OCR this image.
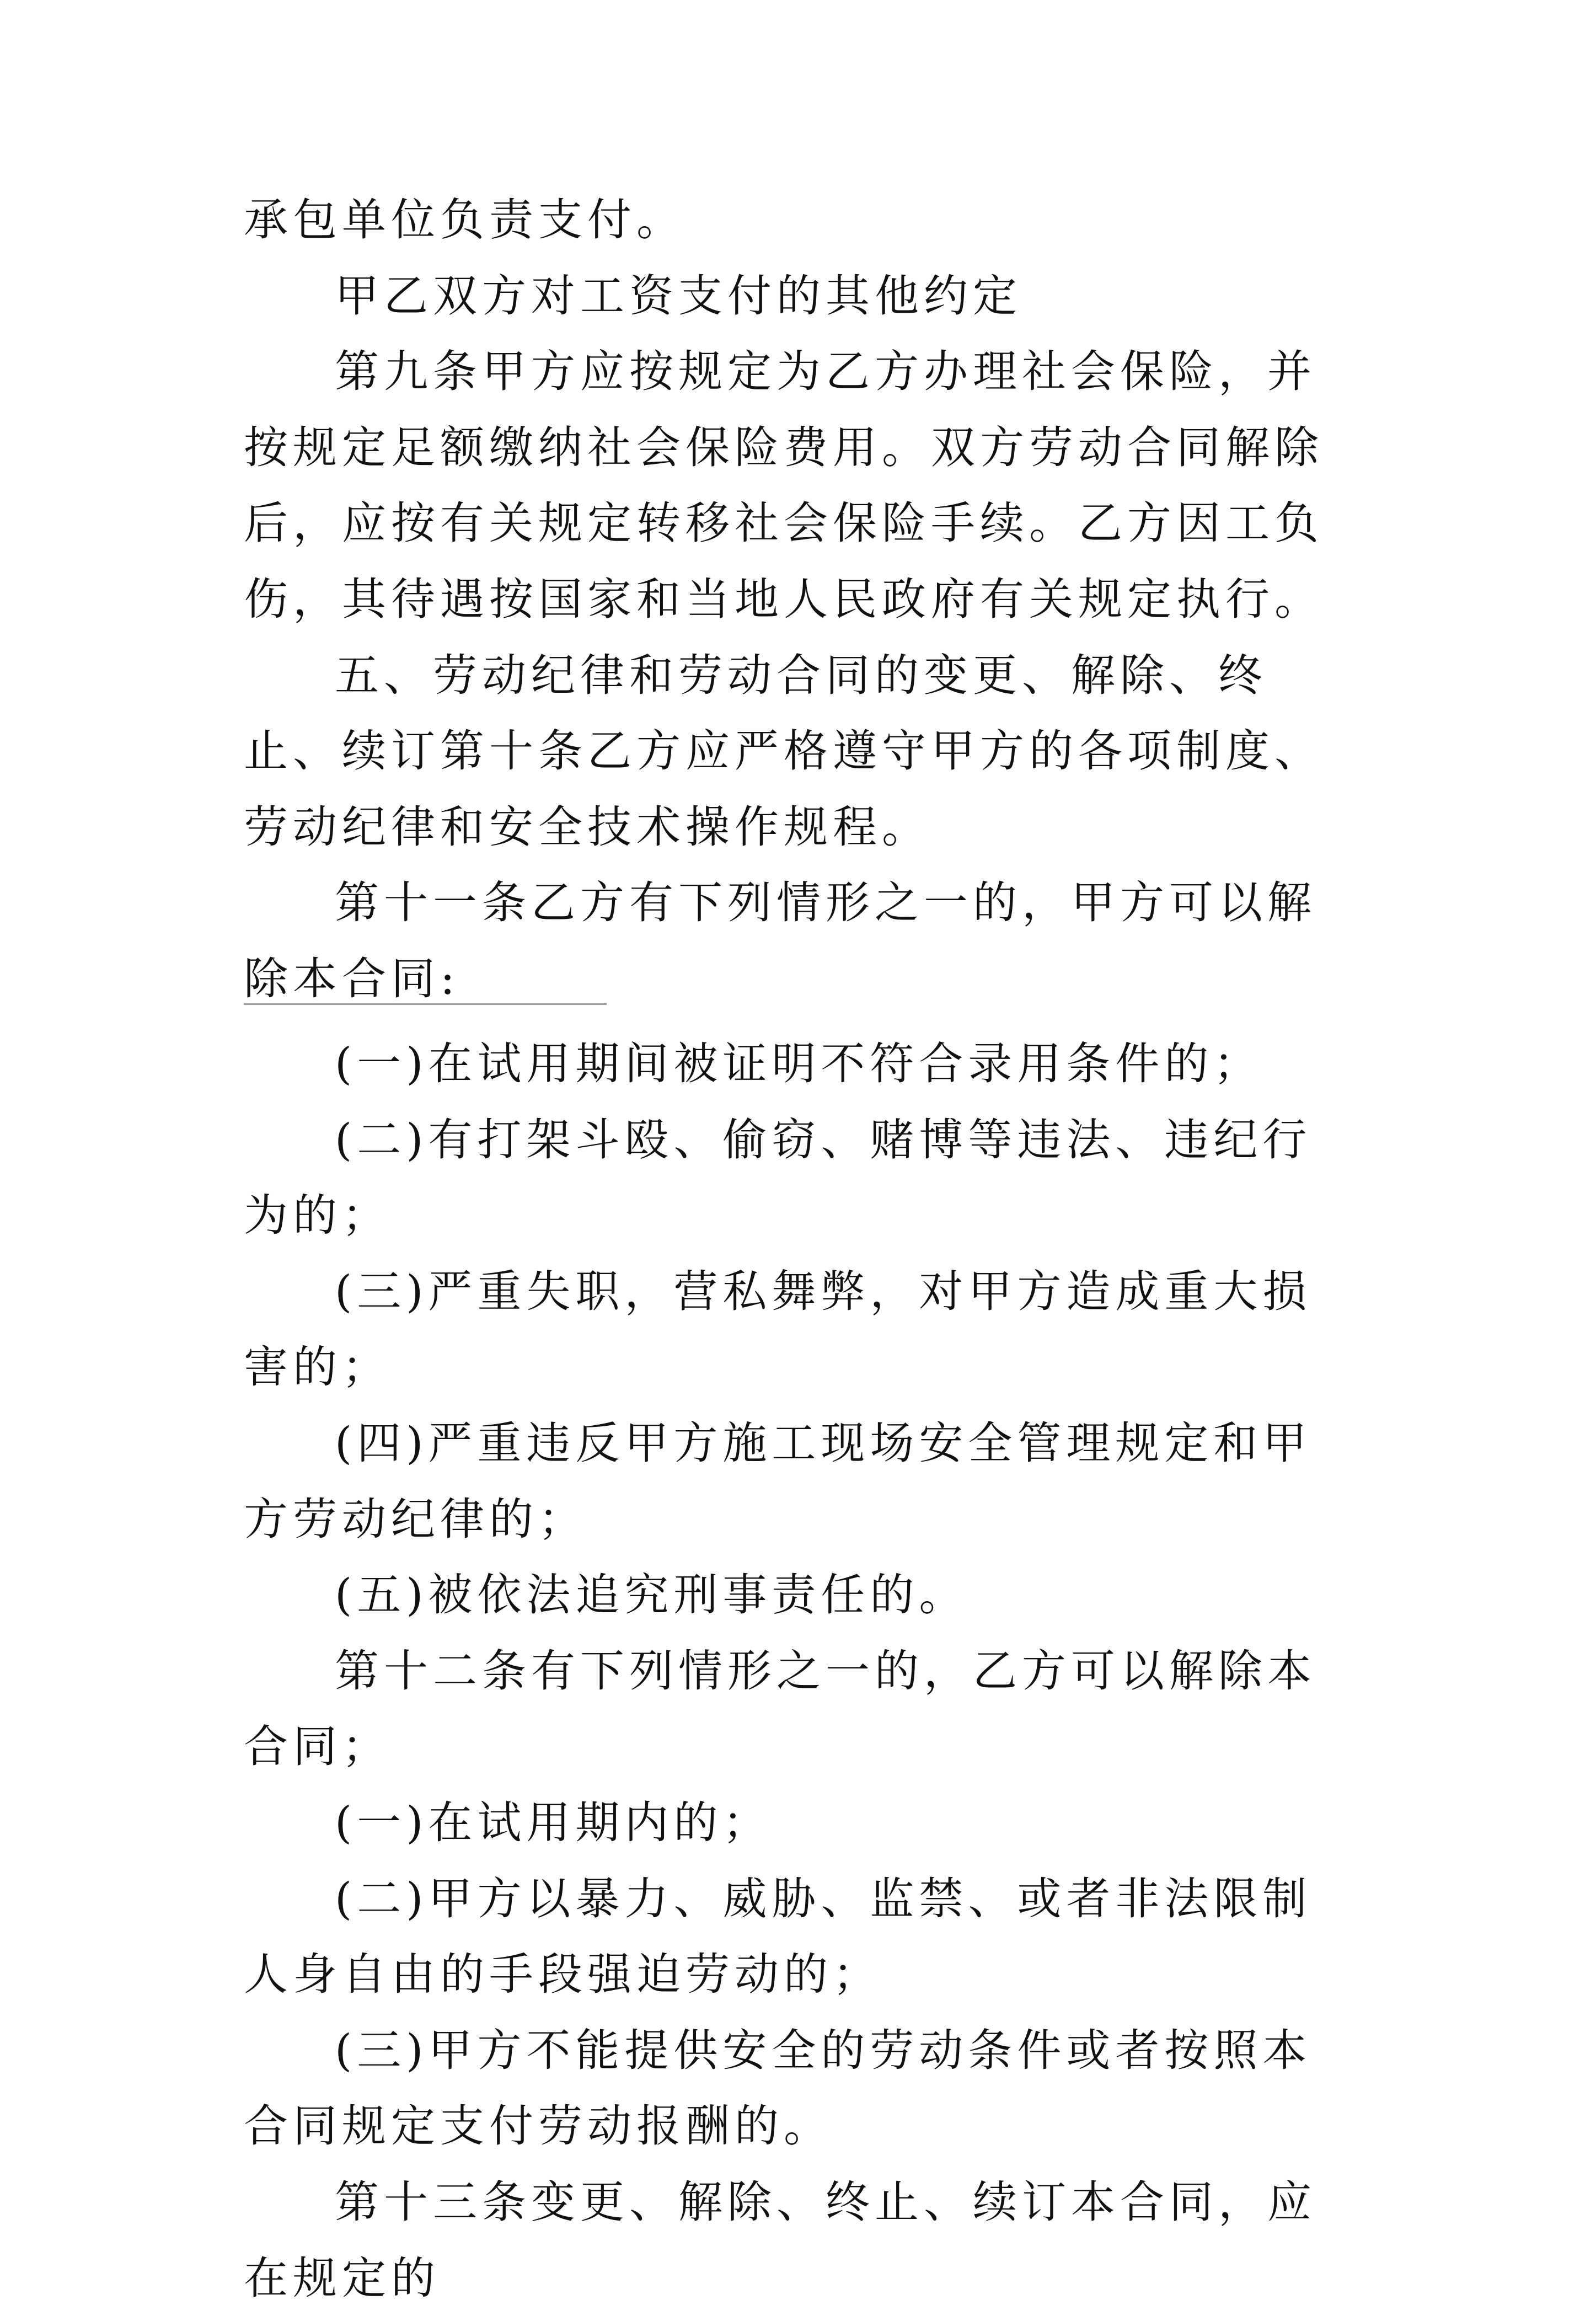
承包单位负责支付。

甲乙双方对工资支付的其他约定

第九条甲方应按规定为乙方办理社会保险，并按规定足额缴纳社会保险费用。双方劳动合同解除后，应按有关规定转移社会保险手续。乙方因工负伤，其待遇按国家和当地人民政府有关规定执行。

五、劳动纪律和劳动合同的变更、解除、终止、续订第十条乙方应严格遵守甲方的各项制度、劳动纪律和安全技术操作规程。

第十一条乙方有下列情形之一的，甲方可以解除本合同:

(一)在试用期间被证明不符合录用条件的；

(二)有打架斗殴、偷窃、赌博等违法、违纪行为的；

(三)严重失职，营私舞弊，对甲方造成重大损害的；

(四)严重违反甲方施工现场安全管理规定和甲方劳动纪律的；

(五)被依法追究刑事责任的。

第十二条有下列情形之一的，乙方可以解除本合同；

(一)在试用期内的；

(二)甲方以暴力、威胁、监禁、或者非法限制人身自由的手段强迫劳动的；

(三)甲方不能提供安全的劳动条件或者按照本合同规定支付劳动报酬的。

第十三条变更、解除、终止、续订本合同，应在规定的
